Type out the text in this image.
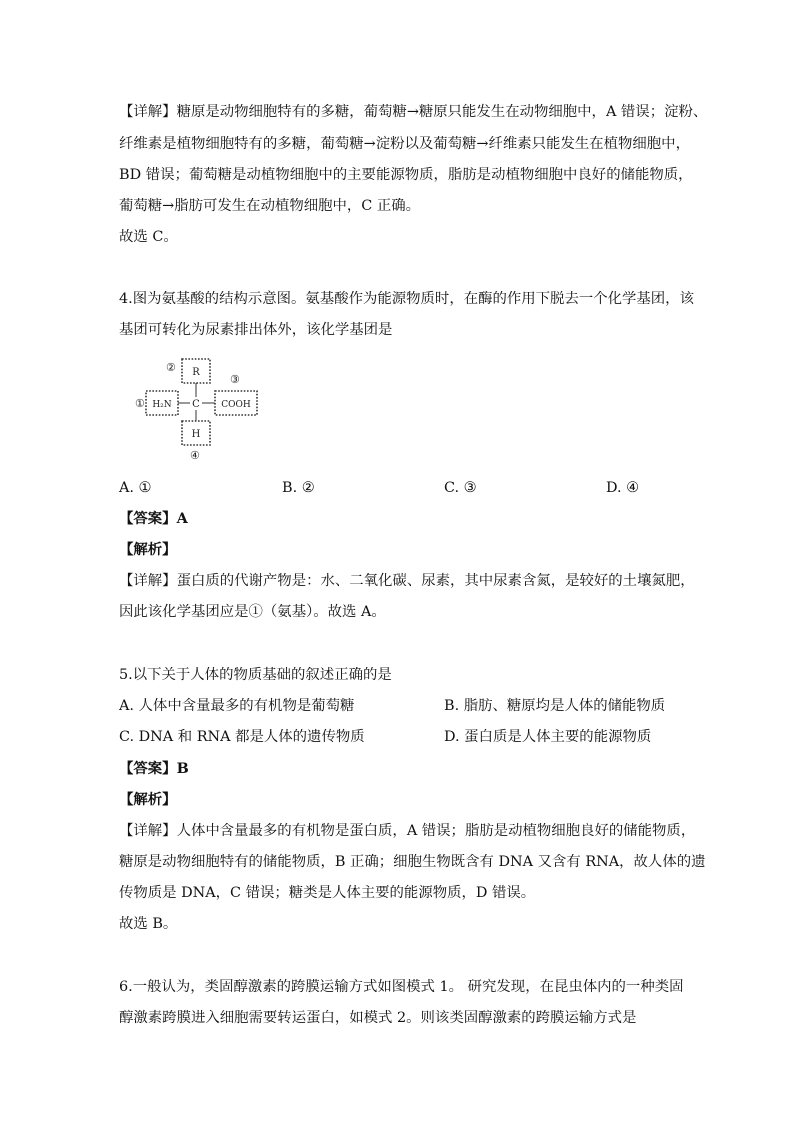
【详解】糖原是动物细胞特有的多糖，葡萄糖→糖原只能发生在动物细胞中，A 错误；淀粉、
纤维素是植物细胞特有的多糖，葡萄糖→淀粉以及葡萄糖→纤维素只能发生在植物细胞中，
BD 错误；葡萄糖是动植物细胞中的主要能源物质，脂肪是动植物细胞中良好的储能物质，
葡萄糖→脂肪可发生在动植物细胞中，C 正确。
故选 C。
4.图为氨基酸的结构示意图。氨基酸作为能源物质时，在酶的作用下脱去一个化学基团，该
基团可转化为尿素排出体外，该化学基团是
R
H₂N C COOH
H
①
②
③
④
A. ①	B. ②	C. ③	D. ④
【答案】A
【解析】
【详解】蛋白质的代谢产物是：水、二氧化碳、尿素，其中尿素含氮，是较好的土壤氮肥，
因此该化学基团应是①（氨基）。故选 A。
5.以下关于人体的物质基础的叙述正确的是
A. 人体中含量最多的有机物是葡萄糖	B. 脂肪、糖原均是人体的储能物质
C. DNA 和 RNA 都是人体的遗传物质	D. 蛋白质是人体主要的能源物质
【答案】B
【解析】
【详解】人体中含量最多的有机物是蛋白质，A 错误；脂肪是动植物细胞良好的储能物质，
糖原是动物细胞特有的储能物质，B 正确；细胞生物既含有 DNA 又含有 RNA，故人体的遗
传物质是 DNA，C 错误；糖类是人体主要的能源物质，D 错误。
故选 B。
6.一般认为，类固醇激素的跨膜运输方式如图模式 1。 研究发现，在昆虫体内的一种类固
醇激素跨膜进入细胞需要转运蛋白，如模式 2。则该类固醇激素的跨膜运输方式是
